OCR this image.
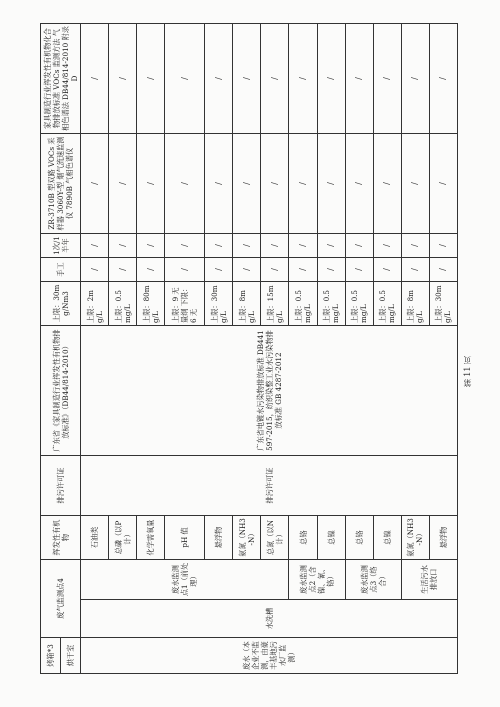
烤箱*3	废气监测点4		挥发性有机物	排污许可证	广东省《家具制造行业挥发性有机物排放标准》（DB44/814-2010）	上限：30mg/Nm3	手工	1次/1半年	ZR-3710B 型双路 VOCs 采样器 3060Y-型 烟气流速监测仪 7890B 气相色谱仪	家具制造行业挥发性有机物化合物排放标准 VOCs 监测方法 气相色谱法 DB44/814-2010 附录 D
烘干室										
废水（本企业不监测，由豪丰基地污水厂监测）	水洗槽	废水监测点1（前处理）	石油类	排污许可证	广东省电镀水污染物排放标准 DB441597-2015，纺织染整工业水污染物排放标准 GB 4287-2012	上限：2mg/L	/	/	/	/
			总磷（以P计）			上限：0.5mg/L	/	/	/	/
			化学需氧量			上限：80mg/L	/	/	/	/
			pH 值			上限：9 无量纲 下限：6 无	/	/	/	/
			悬浮物			上限：30mg/L	/	/	/	/
			氨氮（NH3-N）			上限：8mg/L	/	/	/	/
			总氮（以N计）			上限：15mg/L	/	/	/	/
		废水监测点2（含镍、氰、铬）	总铬			上限：0.5mg/L	/	/	/	/
			总镍			上限：0.5mg/L	/	/	/	/
		废水监测点3（络合）	总铬			上限：0.5mg/L	/	/	/	/
			总镍			上限：0.5mg/L	/	/	/	/
		生活污水排放口	氨氮（NH3-N）			上限：8mg/L	/	/	/	/
			悬浮物			上限：30mg/L	/	/	/	/
第 11 页
